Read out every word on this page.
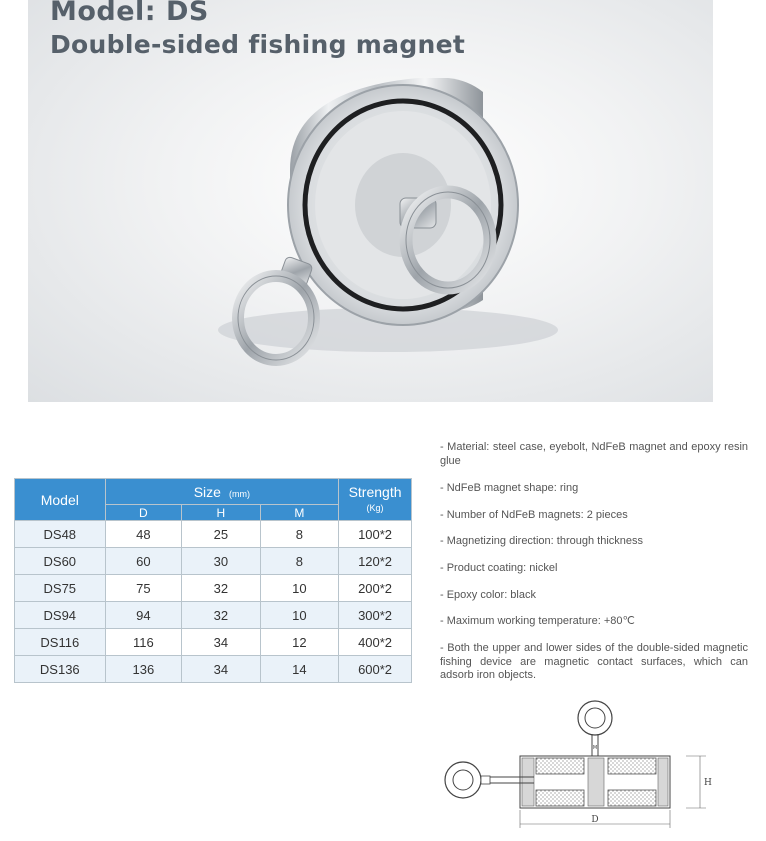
Model: DS
Double-sided fishing magnet
Model	Size (mm)			Strength
(Kg)
	D	H	M	
DS48	48	25	8	100*2
DS60	60	30	8	120*2
DS75	75	32	10	200*2
DS94	94	32	10	300*2
DS116	116	34	12	400*2
DS136	136	34	14	600*2

- Material: steel case, eyebolt, NdFeB magnet and epoxy resin glue

- NdFeB magnet shape: ring

- Number of NdFeB magnets: 2 pieces

- Magnetizing direction: through thickness

- Product coating: nickel

- Epoxy color: black

- Maximum working temperature: +80℃

- Both the upper and lower sides of the double-sided magnetic fishing device are magnetic contact surfaces, which can adsorb iron objects.

M
H
D
